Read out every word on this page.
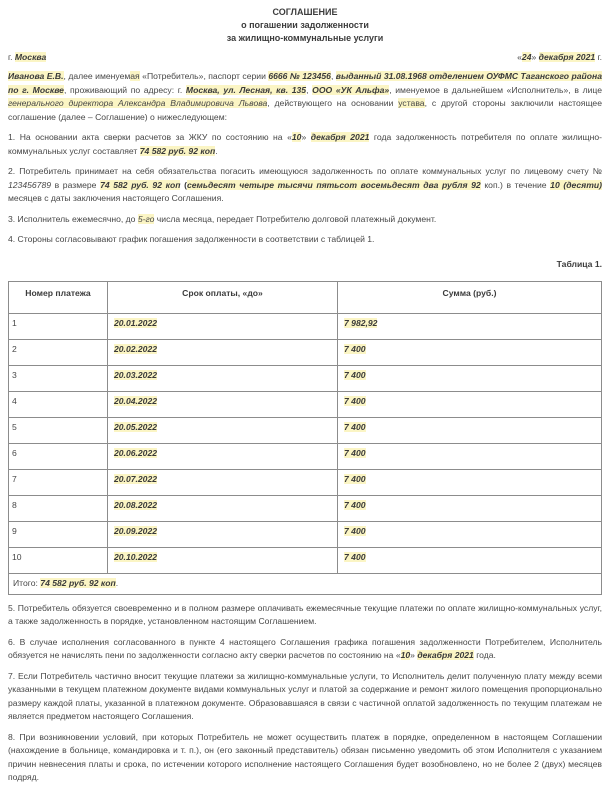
СОГЛАШЕНИЕ
о погашении задолженности
за жилищно-коммунальные услуги
г. Москва	«24» декабря 2021 г.

Иванова Е.В., далее именуемая «Потребитель», паспорт серии 6666 № 123456, выданный 31.08.1968 отделением ОУФМС Таганского района по г. Москве, проживающий по адресу: г. Москва, ул. Лесная, кв. 135, ООО «УК Альфа», именуемое в дальнейшем «Исполнитель», в лице генерального директора Александра Владимировича Львова, действующего на основании устава, с другой стороны заключили настоящее соглашение (далее – Соглашение) о нижеследующем:

1. На основании акта сверки расчетов за ЖКУ по состоянию на «10» декабря 2021 года задолженность потребителя по оплате жилищно-коммунальных услуг составляет 74 582 руб. 92 коп.

2. Потребитель принимает на себя обязательства погасить имеющуюся задолженность по оплате коммунальных услуг по лицевому счету № 123456789 в размере 74 582 руб. 92 коп (семьдесят четыре тысячи пятьсот восемьдесят два рубля 92 коп.) в течение 10 (десяти) месяцев с даты заключения настоящего Соглашения.

3. Исполнитель ежемесячно, до 5-го числа месяца, передает Потребителю долговой платежный документ.

4. Стороны согласовывают график погашения задолженности в соответствии с таблицей 1.

Таблица 1.
Номер платежа	Срок оплаты, «до»	Сумма (руб.)
1	20.01.2022	7 982,92
2	20.02.2022	7 400
3	20.03.2022	7 400
4	20.04.2022	7 400
5	20.05.2022	7 400
6	20.06.2022	7 400
7	20.07.2022	7 400
8	20.08.2022	7 400
9	20.09.2022	7 400
10	20.10.2022	7 400
Итого: 74 582 руб. 92 коп.		

5. Потребитель обязуется своевременно и в полном размере оплачивать ежемесячные текущие платежи по оплате жилищно-коммунальных услуг, а также задолженность в порядке, установленном настоящим Соглашением.

6. В случае исполнения согласованного в пункте 4 настоящего Соглашения графика погашения задолженности Потребителем, Исполнитель обязуется не начислять пени по задолженности согласно акту сверки расчетов по состоянию на «10» декабря 2021 года.

7. Если Потребитель частично вносит текущие платежи за жилищно-коммунальные услуги, то Исполнитель делит полученную плату между всеми указанными в текущем платежном документе видами коммунальных услуг и платой за содержание и ремонт жилого помещения пропорционально размеру каждой платы, указанной в платежном документе. Образовавшаяся в связи с частичной оплатой задолженность по текущим платежам не является предметом настоящего Соглашения.

8. При возникновении условий, при которых Потребитель не может осуществить платеж в порядке, определенном в настоящем Соглашении (нахождение в больнице, командировка и т. п.), он (его законный представитель) обязан письменно уведомить об этом Исполнителя с указанием причин невнесения платы и срока, по истечении которого исполнение настоящего Соглашения будет возобновлено, но не более 2 (двух) месяцев подряд.
